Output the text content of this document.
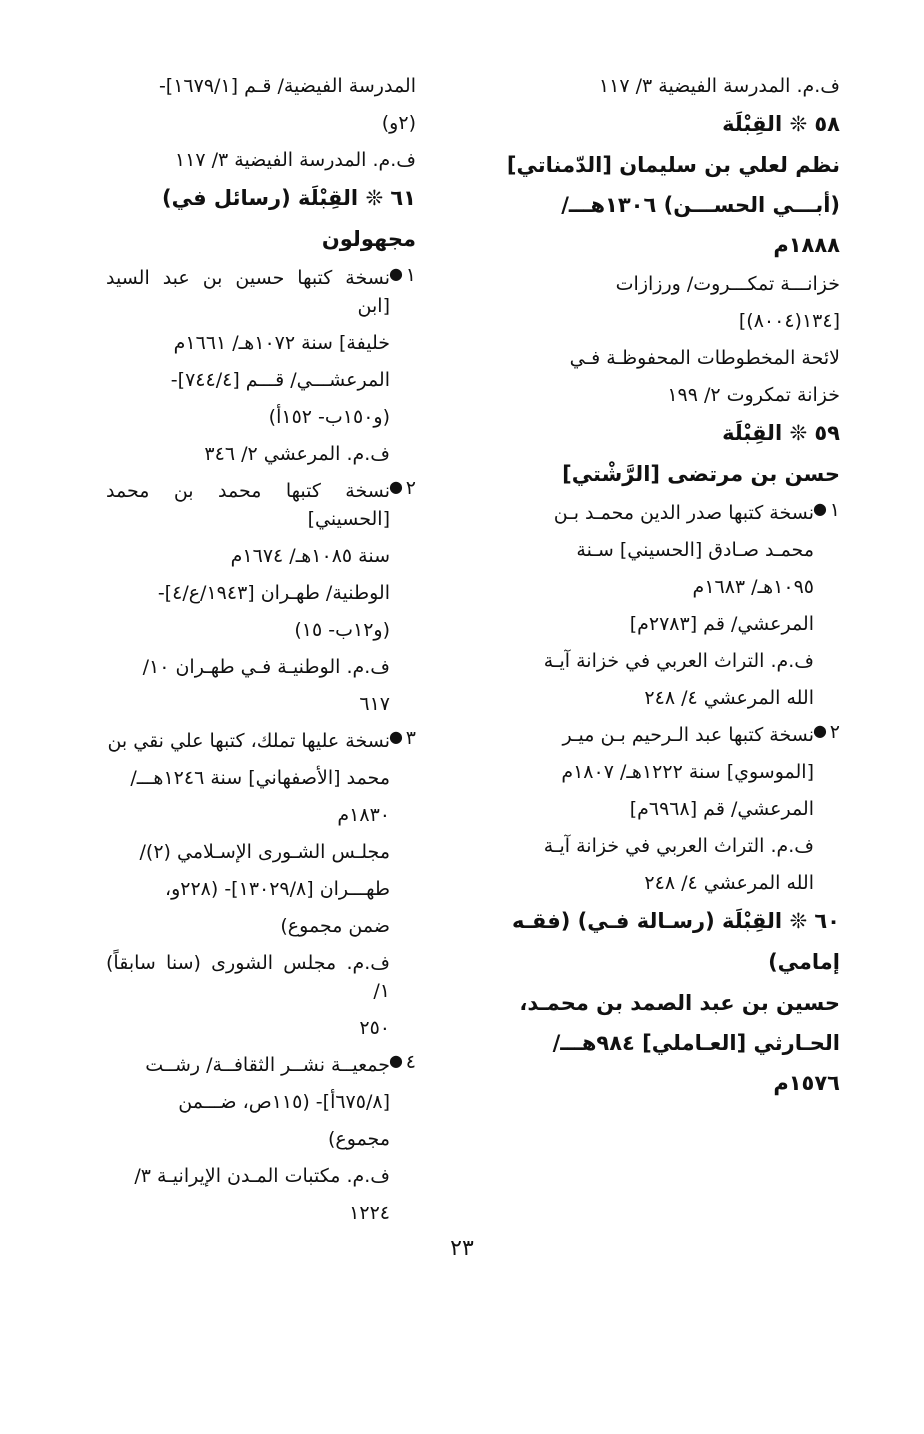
ف.م. المدرسة الفيضية ٣/ ١١٧
٥٨ ❊ القِبْلَة
نظم لعلي بن سليمان [الدّمناتي]
(أبـــي الحســـن) ١٣٠٦هـــ/
١٨٨٨م
خزانـــة تمكـــروت/ ورزازات
[١٣٤(٨٠٠٤)]
لائحة المخطوطات المحفوظـة فـي
خزانة تمكروت ٢/ ١٩٩
٥٩ ❊ القِبْلَة
حسن بن مرتضى [الرَّشْتي]
١
●
نسخة كتبها صدر الدين محمـد بـن
محمـد صـادق [الحسيني] سـنة
١٠٩٥هـ/ ١٦٨٣م
المرعشي/ قم [٢٧٨٣م]
ف.م. التراث العربي في خزانة آيـة
الله المرعشي ٤/ ٢٤٨
٢
●
نسخة كتبها عبد الـرحيم بـن ميـر
[الموسوي] سنة ١٢٢٢هـ/ ١٨٠٧م
المرعشي/ قم [٦٩٦٨م]
ف.م. التراث العربي في خزانة آيـة
الله المرعشي ٤/ ٢٤٨
٦٠ ❊ القِبْلَة (رسـالة فـي) (فقـه
إمامي)
حسين بن عبد الصمد بن محمـد،
الحـارثي [العـاملي] ٩٨٤هـــ/
١٥٧٦م
المدرسة الفيضية/ قـم [١٦٧٩/١]-
(٢و)
ف.م. المدرسة الفيضية ٣/ ١١٧
٦١ ❊ القِبْلَة (رسائل في)
مجهولون
١
●
نسخة كتبها حسين بن عبد السيد [ابن
خليفة] سنة ١٠٧٢هـ/ ١٦٦١م
المرعشـــي/ قـــم [٧٤٤/٤]-
(و١٥٠ب- ١٥٢أ)
ف.م. المرعشي ٢/ ٣٤٦
٢
●
نسخة كتبها محمد بن محمد [الحسيني]
سنة ١٠٨٥هـ/ ١٦٧٤م
الوطنية/ طهـران [١٩٤٣/ع/٤]-
(و١٢ب- ١٥)
ف.م. الوطنيـة فـي طهـران ١٠/
٦١٧
٣
●
نسخة عليها تملك، كتبها علي نقي بن
محمد [الأصفهاني] سنة ١٢٤٦هـــ/
١٨٣٠م
مجلـس الشـورى الإسـلامي (٢)/
طهـــران [١٣٠٢٩/٨]- (٢٢٨و،
ضمن مجموع)
ف.م. مجلس الشورى (سنا سابقاً) ١/
٢٥٠
٤
●
جمعيــة نشــر الثقافــة/ رشــت
[٦٧٥/٨أ]- (١١٥ص، ضـــمن
مجموع)
ف.م. مكتبات المـدن الإيرانيـة ٣/
١٢٢٤
٢٣
